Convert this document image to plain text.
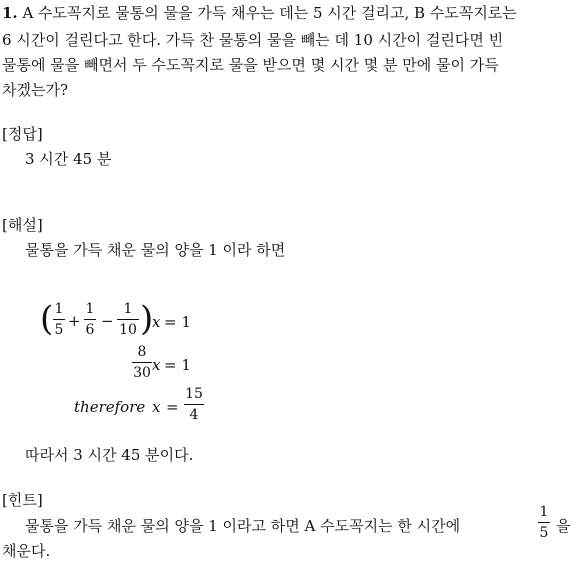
1. A 수도꼭지로 물통의 물을 가득 채우는 데는 5 시간 걸리고, B 수도꼭지로는
6 시간이 걸린다고 한다. 가득 찬 물통의 물을 빼는 데 10 시간이 걸린다면 빈
물통에 물을 빼면서 두 수도꼭지로 물을 받으면 몇 시간 몇 분 만에 물이 가득
차겠는가?
[정답]
3 시간 45 분
[해설]
물통을 가득 채운 물의 양을 1 이라 하면
( $\frac{1}{5} + \frac{1}{6} - \frac{1}{10}$ )
x = 1
$\frac{8}{30}$ x = 1
therefore $x = \frac{15}{4}$
따라서 3 시간 45 분이다.
[힌트]
물통을 가득 채운 물의 양을 1 이라고 하면 A 수도꼭지는 한 시간에	$\frac{1}{5}$ 을
채운다.
